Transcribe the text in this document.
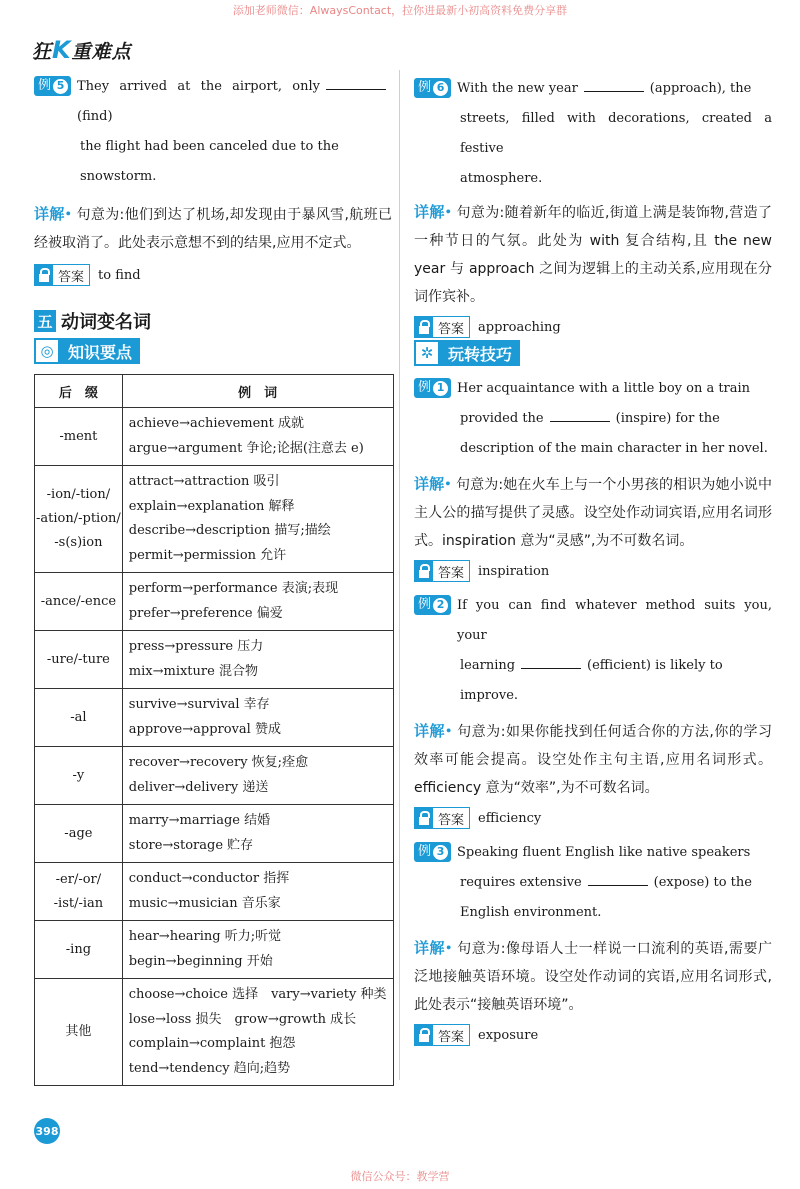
添加老师微信：AlwaysContact，拉你进最新小初高资料免费分享群
狂K重难点
例 5 They arrived at the airport, only(find)
the flight had been canceled due to the
snowstorm.
详解• 句意为:他们到达了机场,却发现由于暴风雪,航班已经被取消了。此处表示意想不到的结果,应用不定式。
答案	to find
例 6 With the new year	(approach), the
streets, filled with decorations, created a festive
atmosphere.
详解• 句意为:随着新年的临近,街道上满是装饰物,营造了一种节日的气氛。此处为 with 复合结构,且 the new year 与 approach 之间为逻辑上的主动关系,应用现在分词作宾补。
答案	approaching
五 动词变名词
◎ 知识要点	✲ 玩转技巧
后　缀	例　词

-ment	achieve→achievement 成就
argue→argument 争论;论据(注意去 e)

-ion/-tion/
-ation/-ption/
-s(s)ion	attract→attraction 吸引
explain→explanation 解释
describe→description 描写;描绘
permit→permission 允许

-ance/-ence	perform→performance 表演;表现
prefer→preference 偏爱

-ure/-ture	press→pressure 压力
mix→mixture 混合物

-al	survive→survival 幸存
approve→approval 赞成

-y	recover→recovery 恢复;痊愈
deliver→delivery 递送

-age	marry→marriage 结婚
store→storage 贮存

-er/-or/
-ist/-ian	conduct→conductor 指挥
music→musician 音乐家

-ing	hear→hearing 听力;听觉
begin→beginning 开始

其他	choose→choice 选择　vary→variety 种类
lose→loss 损失　grow→growth 成长
complain→complaint 抱怨
tend→tendency 趋向;趋势
例 1 Her acquaintance with a little boy on a train
provided the	(inspire) for the
description of the main character in her novel.
详解• 句意为:她在火车上与一个小男孩的相识为她小说中主人公的描写提供了灵感。设空处作动词宾语,应用名词形式。inspiration 意为“灵感”,为不可数名词。
答案	inspiration
例 2 If you can find whatever method suits you, your
learning	(efficient) is likely to
improve.
详解• 句意为:如果你能找到任何适合你的方法,你的学习效率可能会提高。设空处作主句主语,应用名词形式。efficiency 意为“效率”,为不可数名词。
答案	efficiency
例 3 Speaking fluent English like native speakers
requires extensive	(expose) to the
English environment.
详解• 句意为:像母语人士一样说一口流利的英语,需要广泛地接触英语环境。设空处作动词的宾语,应用名词形式,此处表示“接触英语环境”。
答案	exposure
398
微信公众号：教学营
